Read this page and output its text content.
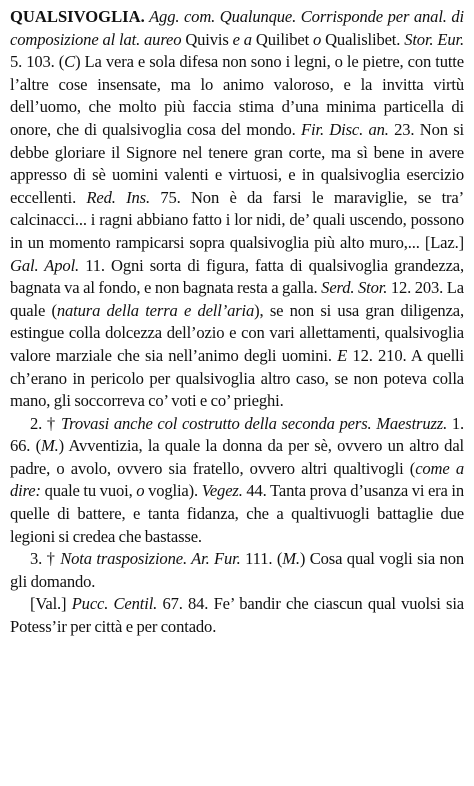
QUALSIVOGLIA. Agg. com. Qualunque. Corrisponde per anal. di composizione al lat. aureo Quivis e a Quilibet o Qualislibet. Stor. Eur. 5. 103. (C) La vera e sola difesa non sono i legni, o le pietre, con tutte l’altre cose insensate, ma lo animo valoroso, e la invitta virtù dell’uomo, che molto più faccia stima d’una minima particella di onore, che di qualsivoglia cosa del mondo. Fir. Disc. an. 23. Non si debbe gloriare il Signore nel tenere gran corte, ma sì bene in avere appresso di sè uomini valenti e virtuosi, e in qualsivoglia esercizio eccellenti. Red. Ins. 75. Non è da farsi le maraviglie, se tra’ calcinacci... i ragni abbiano fatto i lor nidi, de’ quali uscendo, possono in un momento rampicarsi sopra qualsivoglia più alto muro,... [Laz.] Gal. Apol. 11. Ogni sorta di figura, fatta di qualsivoglia grandezza, bagnata va al fondo, e non bagnata resta a galla. Serd. Stor. 12. 203. La quale (natura della terra e dell’aria), se non si usa gran diligenza, estingue colla dolcezza dell’ozio e con vari allettamenti, qualsivoglia valore marziale che sia nell’animo degli uomini. E 12. 210. A quelli ch’erano in pericolo per qualsivoglia altro caso, se non poteva colla mano, gli soccorreva co’ voti e co’ prieghi.

2. † Trovasi anche col costrutto della seconda pers. Maestruzz. 1. 66. (M.) Avventizia, la quale la donna da per sè, ovvero un altro dal padre, o avolo, ovvero sia fratello, ovvero altri qualtivogli (come a dire: quale tu vuoi, o voglia). Vegez. 44. Tanta prova d’usanza vi era in quelle di battere, e tanta fidanza, che a qualtivuogli battaglie due legioni si credea che bastasse.

3. † Nota trasposizione. Ar. Fur. 111. (M.) Cosa qual vogli sia non gli domando.

[Val.] Pucc. Centil. 67. 84. Fe’ bandir che ciascun qual vuolsi sia Potess’ir per città e per contado.
